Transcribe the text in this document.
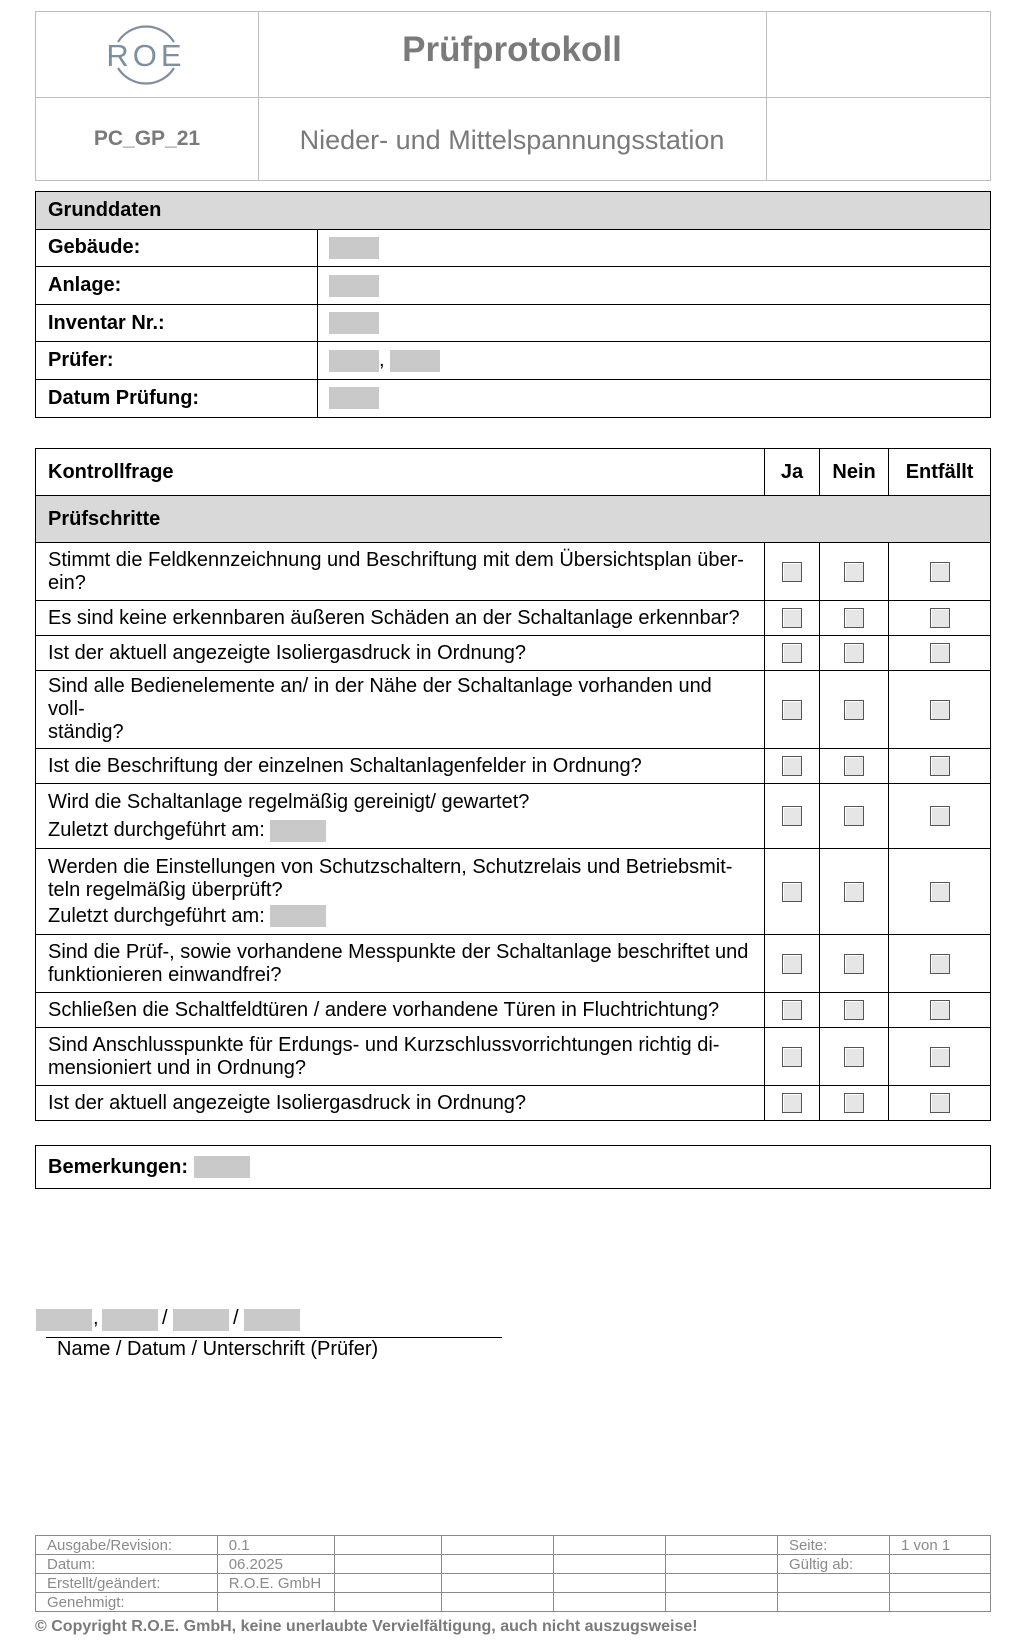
ROE	Prüfprotokoll
PC_GP_21	Nieder- und Mittelspannungsstation
Grunddaten	
Gebäude:	
Anlage:	
Inventar Nr.:	
Prüfer:	,
Datum Prüfung:	
Kontrollfrage	Ja	Nein	Entfällt
Prüfschritte			

Stimmt die Feldkennzeichnung und Beschriftung mit dem Übersichtsplan über-
ein?			

Es sind keine erkennbaren äußeren Schäden an der Schaltanlage erkennbar?			
Ist der aktuell angezeigte Isoliergasdruck in Ordnung?			

Sind alle Bedienelemente an/ in der Nähe der Schaltanlage vorhanden und voll-
ständig?			

Ist die Beschriftung der einzelnen Schaltanlagenfelder in Ordnung?			

Wird die Schaltanlage regelmäßig gereinigt/ gewartet?
Zuletzt durchgeführt am:			

Werden die Einstellungen von Schutzschaltern, Schutzrelais und Betriebsmit-
teln regelmäßig überprüft?
Zuletzt durchgeführt am:			

Sind die Prüf-, sowie vorhandene Messpunkte der Schaltanlage beschriftet und
funktionieren einwandfrei?			

Schließen die Schaltfeldtüren / andere vorhandene Türen in Fluchtrichtung?			

Sind Anschlusspunkte für Erdungs- und Kurzschlussvorrichtungen richtig di-
mensioniert und in Ordnung?			

Ist der aktuell angezeigte Isoliergasdruck in Ordnung?			
Bemerkungen:
,	/	/
Name / Datum / Unterschrift (Prüfer)
Ausgabe/Revision:	0.1					Seite:	1 von 1
Datum:	06.2025					Gültig ab:	
Erstellt/geändert:	R.O.E. GmbH						
Genehmigt:							
© Copyright R.O.E. GmbH, keine unerlaubte Vervielfältigung, auch nicht auszugsweise!
